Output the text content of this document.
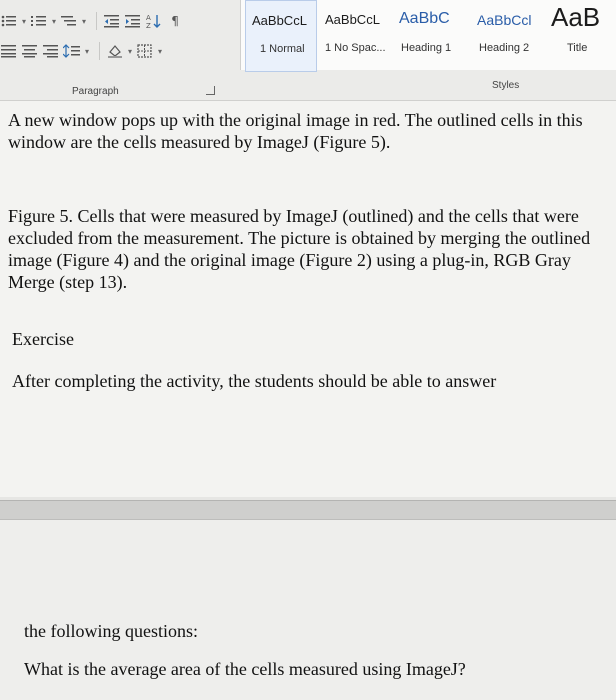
▾	▾	▾	A
Z	¶
▾	▾	▾
Paragraph
AaBbCcL
1 Normal
AaBbCcL
1 No Spac...
AaBbC
Heading 1
AaBbCcl
Heading 2
AaB
Title
Styles

A new window pops up with the original image in red. The outlined cells in this window are the cells measured by ImageJ (Figure 5).

Figure 5. Cells that were measured by ImageJ (outlined) and the cells that were excluded from the measurement. The picture is obtained by merging the outlined image (Figure 4) and the original image (Figure 2) using a plug-in, RGB Gray Merge (step 13).

Exercise

After completing the activity, the students should be able to answer

the following questions:

What is the average area of the cells measured using ImageJ?
